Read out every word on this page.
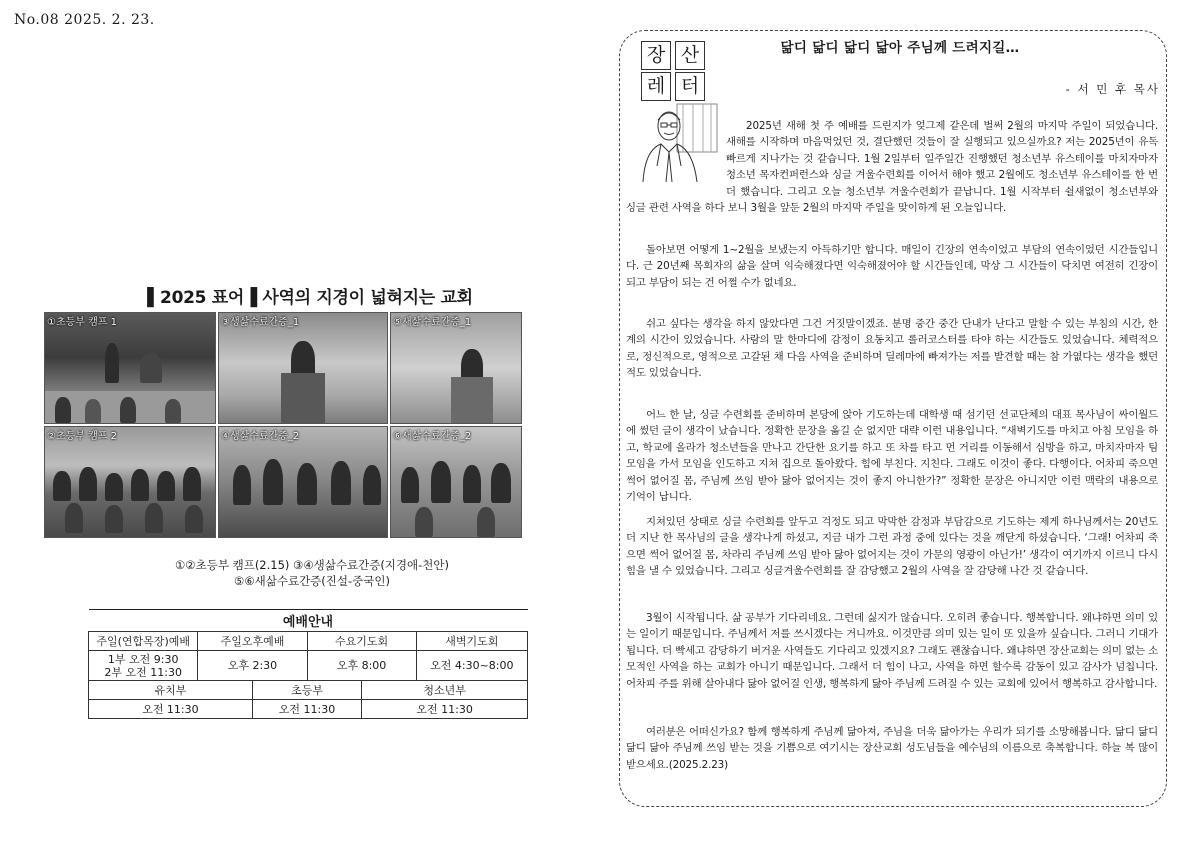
No.08 2025. 2. 23.
▌2025 표어▐ 사역의 지경이 넓혀지는 교회
①초등부 캠프 1	③생삶수료간증_1	⑤새삶수료간증_1
②초등부 캠프 2	④생삶수료간증_2	⑥새삶수료간증_2
①②초등부 캠프(2.15) ③④생삶수료간증(지경애-천안)
⑤⑥새삶수료간증(진설-중국인)
예배안내					
주일(연합목장)예배	주일오후예배		수요기도회		새벽기도회

1부 오전 9:30
2부 오전 11:30	오후 2:30		오후 8:00		오전 4:30~8:00
유치부		초등부		청소년부	
오전 11:30		오전 11:30		오전 11:30	
장 산
레 터
닮디 닮디 닮디 닮아 주님께 드려지길…
- 서 민 후 목사
2025년 새해 첫 주 예배를 드린지가 엊그제 같은데 벌써 2월의 마지막 주일이 되었습니다. 새해를 시작하며 마음먹었던 것, 결단했던 것들이 잘 실행되고 있으실까요? 저는 2025년이 유독 빠르게 지나가는 것 같습니다. 1월 2일부터 일주일간 진행했던 청소년부 유스테이를 마치자마자 청소년 목자컨퍼런스와 싱글 겨울수련회를 이어서 해야 했고 2월에도 청소년부 유스테이를 한 번 더 했습니다. 그리고 오늘 청소년부 겨울수련회가 끝납니다. 1월 시작부터 쉴새없이 청소년부와 싱글 관련 사역을 하다 보니 3월을 앞둔 2월의 마지막 주일을 맞이하게 된 오늘입니다.

돌아보면 어떻게 1~2월을 보냈는지 아득하기만 합니다. 매일이 긴장의 연속이었고 부담의 연속이었던 시간들입니다. 근 20년째 목회자의 삶을 살며 익숙해졌다면 익숙해졌어야 할 시간들인데, 막상 그 시간들이 닥치면 여전히 긴장이 되고 부담이 되는 건 어쩔 수가 없네요.

쉬고 싶다는 생각을 하지 않았다면 그건 거짓말이겠죠. 분명 중간 중간 단내가 난다고 말할 수 있는 부침의 시간, 한계의 시간이 있었습니다. 사람의 말 한마디에 감정이 요동치고 롤러코스터를 타야 하는 시간들도 있었습니다. 체력적으로, 정신적으로, 영적으로 고갈된 채 다음 사역을 준비하며 딜레마에 빠져가는 저를 발견할 때는 참 가엾다는 생각을 했던 적도 있었습니다.

어느 한 날, 싱글 수련회를 준비하며 본당에 앉아 기도하는데 대학생 때 섬기던 선교단체의 대표 목사님이 싸이월드에 썼던 글이 생각이 났습니다. 정확한 문장을 옮길 순 없지만 대략 이런 내용입니다. “새벽기도를 마치고 아침 모임을 하고, 학교에 올라가 청소년들을 만나고 간단한 요기를 하고 또 차를 타고 먼 거리를 이동해서 심방을 하고, 마치자마자 팀 모임을 가서 모임을 인도하고 지쳐 집으로 돌아왔다. 힘에 부친다. 지친다. 그래도 이것이 좋다. 다행이다. 어차피 죽으면 썩어 없어질 몸, 주님께 쓰임 받아 닳아 없어지는 것이 좋지 아니한가?” 정확한 문장은 아니지만 이런 맥락의 내용으로 기억이 납니다.

지쳐있던 상태로 싱글 수련회를 앞두고 걱정도 되고 막막한 감정과 부담감으로 기도하는 제게 하나님께서는 20년도 더 지난 한 목사님의 글을 생각나게 하셨고, 지금 내가 그런 과정 중에 있다는 것을 깨닫게 하셨습니다. ‘그래! 어차피 죽으면 썩어 없어질 몸, 차라리 주님께 쓰임 받아 닳아 없어지는 것이 가문의 영광이 아닌가!’ 생각이 여기까지 이르니 다시 힘을 낼 수 있었습니다. 그리고 싱글겨울수련회를 잘 감당했고 2월의 사역을 잘 감당해 나간 것 같습니다.

3월이 시작됩니다. 삶 공부가 기다리네요. 그런데 싫지가 않습니다. 오히려 좋습니다. 행복합니다. 왜냐하면 의미 있는 일이기 때문입니다. 주님께서 저를 쓰시겠다는 거니까요. 이것만큼 의미 있는 일이 또 있을까 싶습니다. 그러니 기대가 됩니다. 더 빡세고 감당하기 버거운 사역들도 기다리고 있겠지요? 그래도 괜찮습니다. 왜냐하면 장산교회는 의미 없는 소모적인 사역을 하는 교회가 아니기 때문입니다. 그래서 더 힘이 나고, 사역을 하면 할수록 감동이 있고 감사가 넘칩니다. 어차피 주를 위해 살아내다 닳아 없어질 인생, 행복하게 닳아 주님께 드려질 수 있는 교회에 있어서 행복하고 감사합니다.

여러분은 어떠신가요? 함께 행복하게 주님께 닮아져, 주님을 더욱 닮아가는 우리가 되기를 소망해봅니다. 닮디 닮디 닮디 닮아 주님께 쓰임 받는 것을 기쁨으로 여기시는 장산교회 성도님들을 예수님의 이름으로 축복합니다. 하늘 복 많이 받으세요.(2025.2.23)
